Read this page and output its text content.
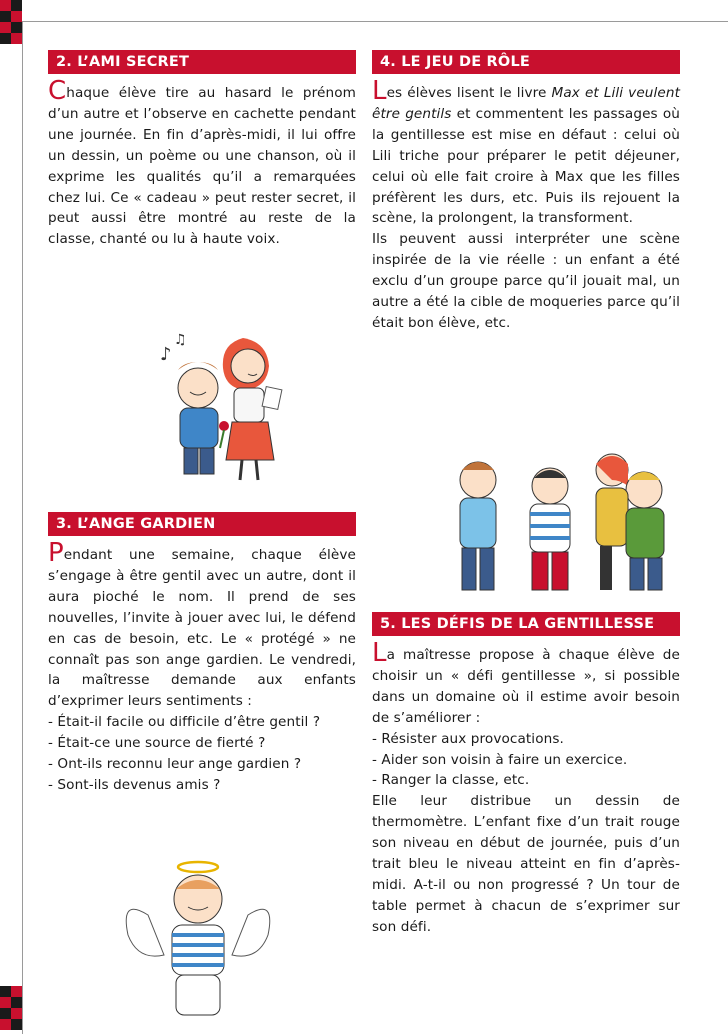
2. L’AMI SECRET

Chaque élève tire au hasard le prénom d’un autre et l’observe en cachette pendant une journée. En fin d’après-midi, il lui offre un dessin, un poème ou une chanson, où il exprime les qualités qu’il a remarquées chez lui. Ce « cadeau » peut rester secret, il peut aussi être montré au reste de la classe, chanté ou lu à haute voix.

♪
♫
3. L’ANGE GARDIEN

Pendant une semaine, chaque élève s’engage à être gentil avec un autre, dont il aura pioché le nom. Il prend de ses nouvelles, l’invite à jouer avec lui, le défend en cas de besoin, etc. Le « protégé » ne connaît pas son ange gardien. Le vendredi, la maîtresse demande aux enfants d’exprimer leurs sentiments :

- Était-il facile ou difficile d’être gentil ?
- Était-ce une source de fierté ?
- Ont-ils reconnu leur ange gardien ?
- Sont-ils devenus amis ?
4. LE JEU DE RÔLE

Les élèves lisent le livre Max et Lili veulent être gentils et commentent les passages où la gentillesse est mise en défaut : celui où Lili triche pour préparer le petit déjeuner, celui où elle fait croire à Max que les filles préfèrent les durs, etc. Puis ils rejouent la scène, la prolongent, la transforment.

Ils peuvent aussi interpréter une scène inspirée de la vie réelle : un enfant a été exclu d’un groupe parce qu’il jouait mal, un autre a été la cible de moqueries parce qu’il était bon élève, etc.

5. LES DÉFIS DE LA GENTILLESSE

La maîtresse propose à chaque élève de choisir un « défi gentillesse », si possible dans un domaine où il estime avoir besoin de s’améliorer :

- Résister aux provocations.
- Aider son voisin à faire un exercice.
- Ranger la classe, etc.

Elle leur distribue un dessin de thermomètre. L’enfant fixe d’un trait rouge son niveau en début de journée, puis d’un trait bleu le niveau atteint en fin d’après-midi. A-t-il ou non progressé ? Un tour de table permet à chacun de s’exprimer sur son défi.
